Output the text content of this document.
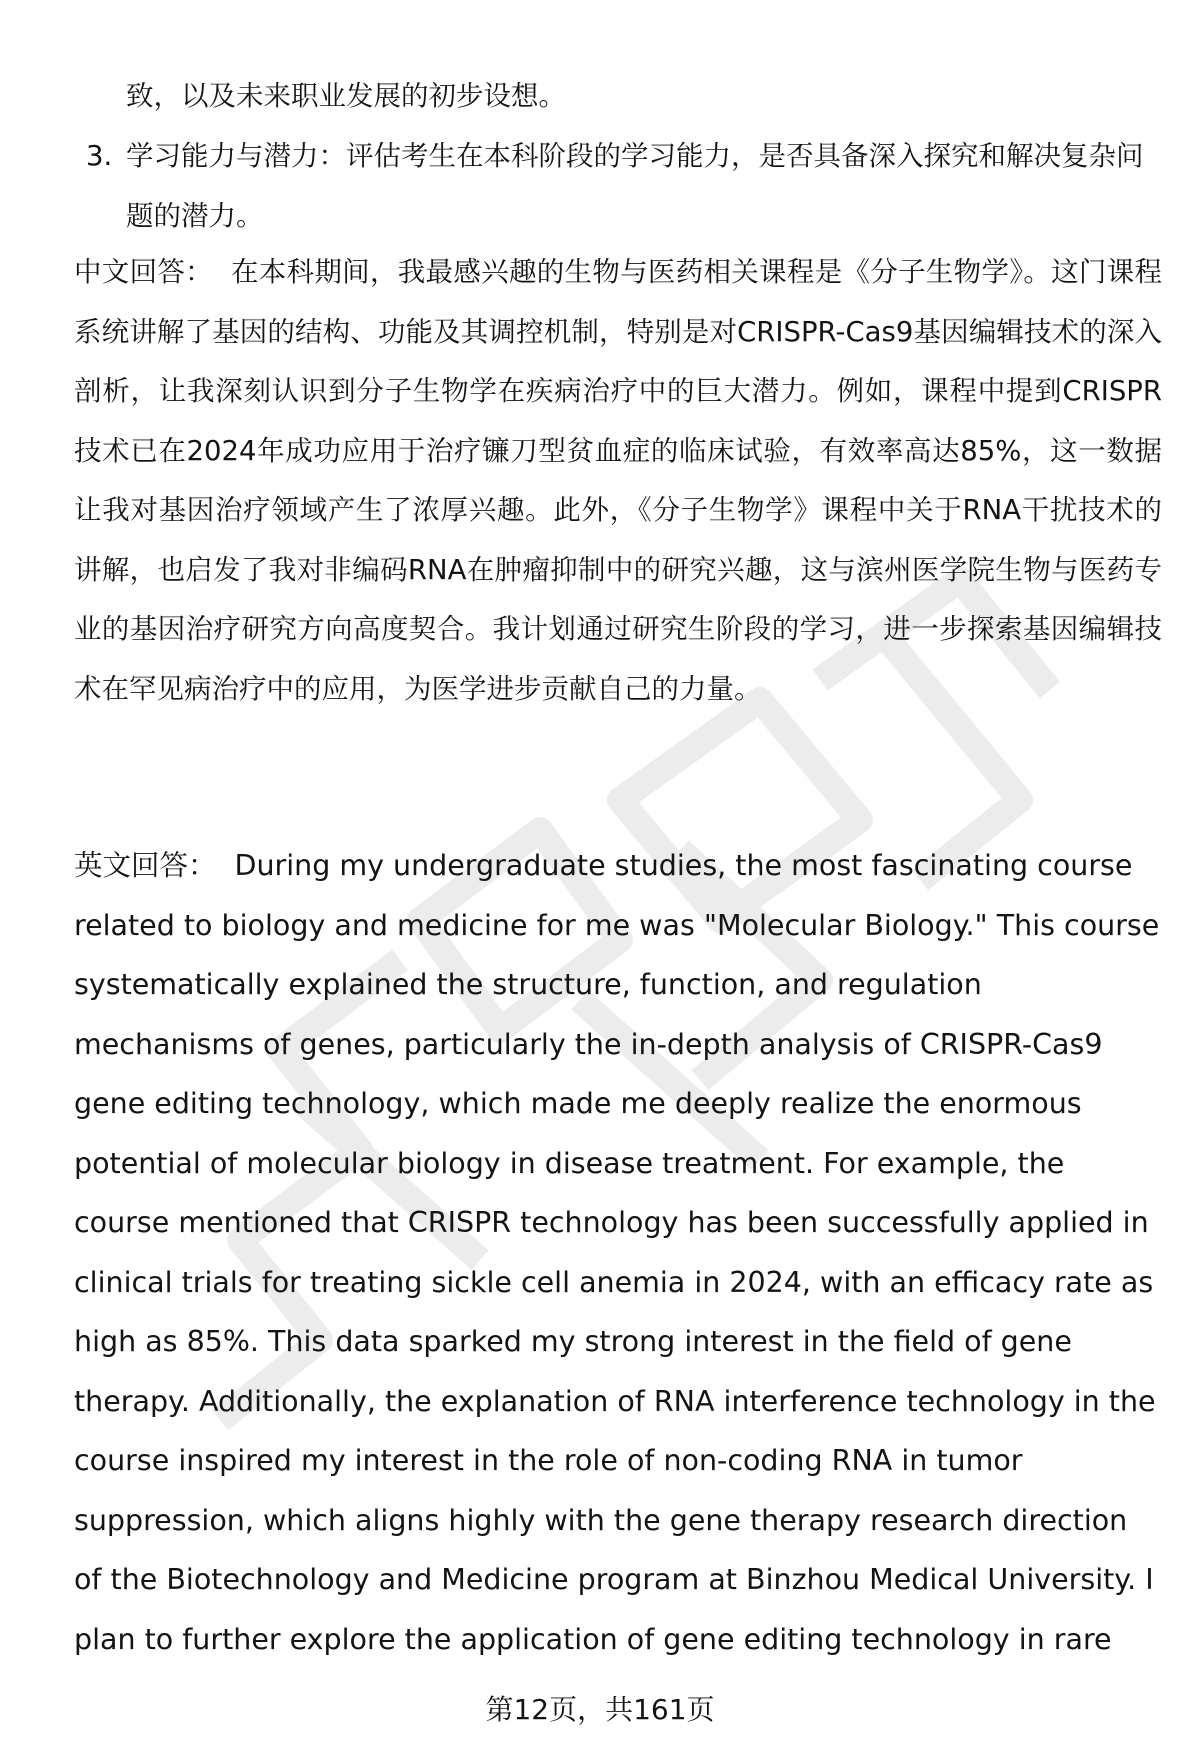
致，以及未来职业发展的初步设想。
3. 学习能力与潜力：评估考生在本科阶段的学习能力，是否具备深入探究和解决复杂问题的潜力。

中文回答： 在本科期间，我最感兴趣的生物与医药相关课程是《分子生物学》。这门课程系统讲解了基因的结构、功能及其调控机制，特别是对CRISPR-Cas9基因编辑技术的深入剖析，让我深刻认识到分子生物学在疾病治疗中的巨大潜力。例如，课程中提到CRISPR技术已在2024年成功应用于治疗镰刀型贫血症的临床试验，有效率高达85%，这一数据让我对基因治疗领域产生了浓厚兴趣。此外，《分子生物学》课程中关于RNA干扰技术的讲解，也启发了我对非编码RNA在肿瘤抑制中的研究兴趣，这与滨州医学院生物与医药专业的基因治疗研究方向高度契合。我计划通过研究生阶段的学习，进一步探索基因编辑技术在罕见病治疗中的应用，为医学进步贡献自己的力量。

英文回答： During my undergraduate studies, the most fascinating course related to biology and medicine for me was "Molecular Biology." This course systematically explained the structure, function, and regulation mechanisms of genes, particularly the in-depth analysis of CRISPR-Cas9 gene editing technology, which made me deeply realize the enormous potential of molecular biology in disease treatment. For example, the course mentioned that CRISPR technology has been successfully applied in clinical trials for treating sickle cell anemia in 2024, with an efficacy rate as high as 85%. This data sparked my strong interest in the field of gene therapy. Additionally, the explanation of RNA interference technology in the course inspired my interest in the role of non-coding RNA in tumor suppression, which aligns highly with the gene therapy research direction of the Biotechnology and Medicine program at Binzhou Medical University. I plan to further explore the application of gene editing technology in rare

第12页，共161页
